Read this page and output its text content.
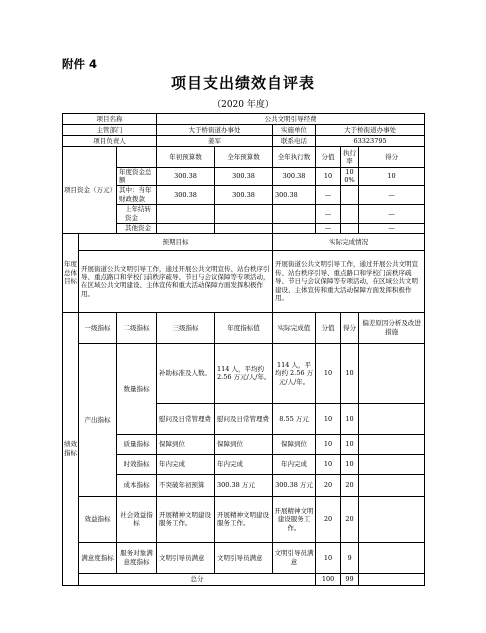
附件 4
项目支出绩效自评表
（2020 年度）
项目名称			公共文明引导经费					
主管部门			大于桥街道办事处		实施单位	大于桥街道办事处		
项目负责人			姜军		联系电话	63323795		
项目资金（万元）			年初预算数	全年预算数	全年执行数	分值	执行率	得分
		年度资金总额	300.38	300.38	300.38	10	100%	10
		其中：当年财政拨款	300.38	300.38	300.38	—		—
		上年结转资金				—		—
		其他资金				—		—
年度总体目标	预期目标				实际完成情况			
	开展街道公共文明引导工作，通过开展公共文明宣传、站台秩序引导、重点路口和学校门前秩序疏导、节日与会议保障等专项活动，在区域公共文明建设、主体宣传和重大活动保障方面发挥积极作用。				开展街道公共文明引导工作，通过开展公共文明宣传、站台秩序引导、重点路口和学校门前秩序疏导、节日与会议保障等专项活动，在区域公共文明建设、主体宣传和重大活动保障方面发挥积极作用。			
绩效指标	一级指标	二级指标	三级指标	年度指标值	实际完成值	分值	得分	偏差原因分析及改进措施
	产出指标	数量指标	补助标准及人数。	114 人，平均约 2.56 万元/人/年。	114 人，平均约 2.56 万元/人/年。	10	10	
			慰问及日常管理费	慰问及日常管理费	8.55 万元	10	10	
		质量指标	保障到位	保障到位	保障到位	10	10	
		时效指标	年内完成	年内完成	年内完成	10	10	
		成本指标	不突破年初预算	300.38 万元	300.38 万元	20	20	
	效益指标	社会效益指标	开展精神文明建设服务工作。	开展精神文明建设服务工作。	开展精神文明建设服务工作。	20	20	
	满意度指标	服务对象满意度指标	文明引导员满意	文明引导员满意	文明引导员满意	10	9	
	总分					100	99	
